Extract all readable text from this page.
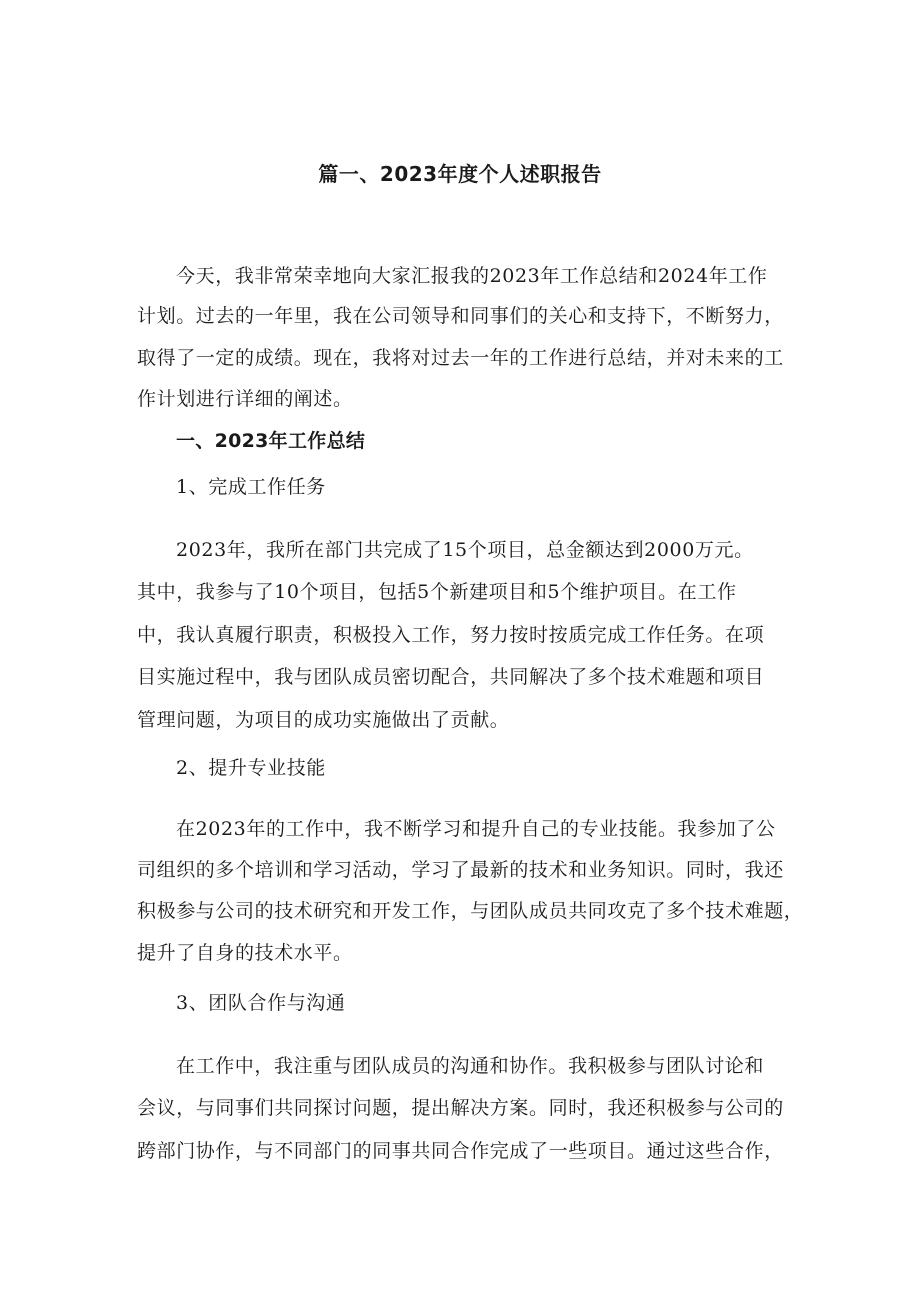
篇一、2023年度个人述职报告
今天，我非常荣幸地向大家汇报我的2023年工作总结和2024年工作
计划。过去的一年里，我在公司领导和同事们的关心和支持下，不断努力，
取得了一定的成绩。现在，我将对过去一年的工作进行总结，并对未来的工
作计划进行详细的阐述。
一、2023年工作总结
1、完成工作任务
2023年，我所在部门共完成了15个项目，总金额达到2000万元。
其中，我参与了10个项目，包括5个新建项目和5个维护项目。在工作
中，我认真履行职责，积极投入工作，努力按时按质完成工作任务。在项
目实施过程中，我与团队成员密切配合，共同解决了多个技术难题和项目
管理问题，为项目的成功实施做出了贡献。
2、提升专业技能
在2023年的工作中，我不断学习和提升自己的专业技能。我参加了公
司组织的多个培训和学习活动，学习了最新的技术和业务知识。同时，我还
积极参与公司的技术研究和开发工作，与团队成员共同攻克了多个技术难题，
提升了自身的技术水平。
3、团队合作与沟通
在工作中，我注重与团队成员的沟通和协作。我积极参与团队讨论和
会议，与同事们共同探讨问题，提出解决方案。同时，我还积极参与公司的
跨部门协作，与不同部门的同事共同合作完成了一些项目。通过这些合作，
